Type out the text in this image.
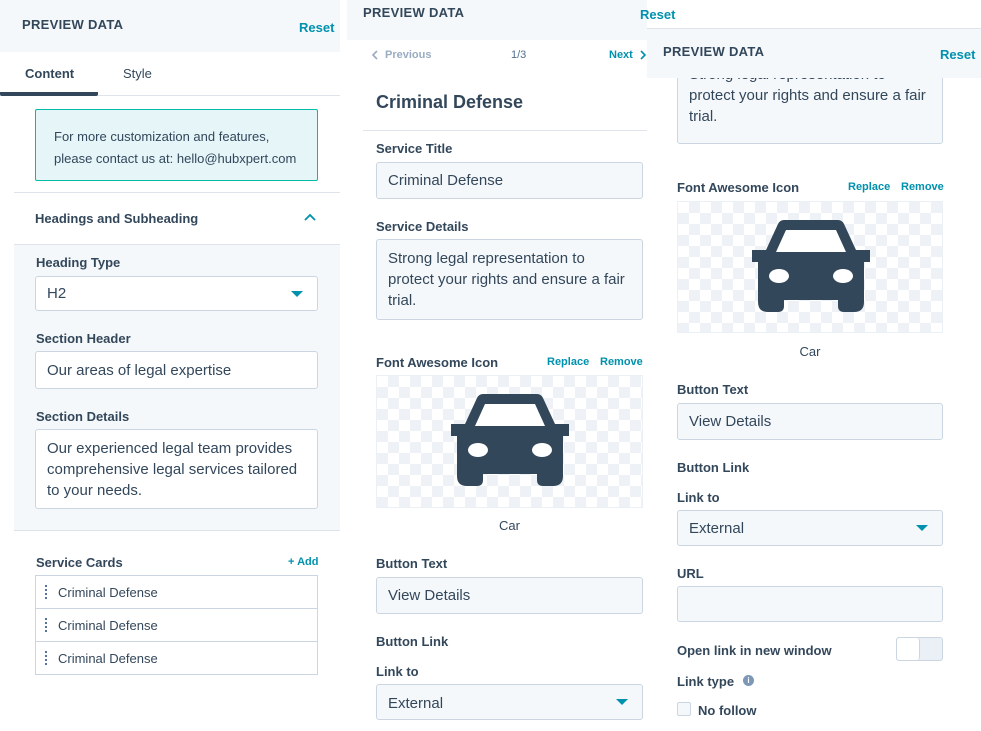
PREVIEW DATA	Reset
Content	Style
For more customization and features,
please contact us at: hello@hubxpert.com
Headings and Subheading
Heading Type
H2
Section Header
Our areas of legal expertise
Section Details
Our experienced legal team provides
comprehensive legal services tailored
to your needs.
Service Cards	+ Add
Criminal Defense
Criminal Defense
Criminal Defense
PREVIEW DATA	Reset
Previous	1/3	Next
Criminal Defense
Service Title
Criminal Defense
Service Details
Strong legal representation to
protect your rights and ensure a fair
trial.
Font Awesome Icon	Replace Remove
Car
Button Text
View Details
Button Link
Link to
External

protect your rights and ensure a fair
trial.
PREVIEW DATA	Reset
Font Awesome Icon	Replace Remove
Car
Button Text
View Details
Button Link
Link to
External
URL
Open link in new window
Link type	i
No follow
